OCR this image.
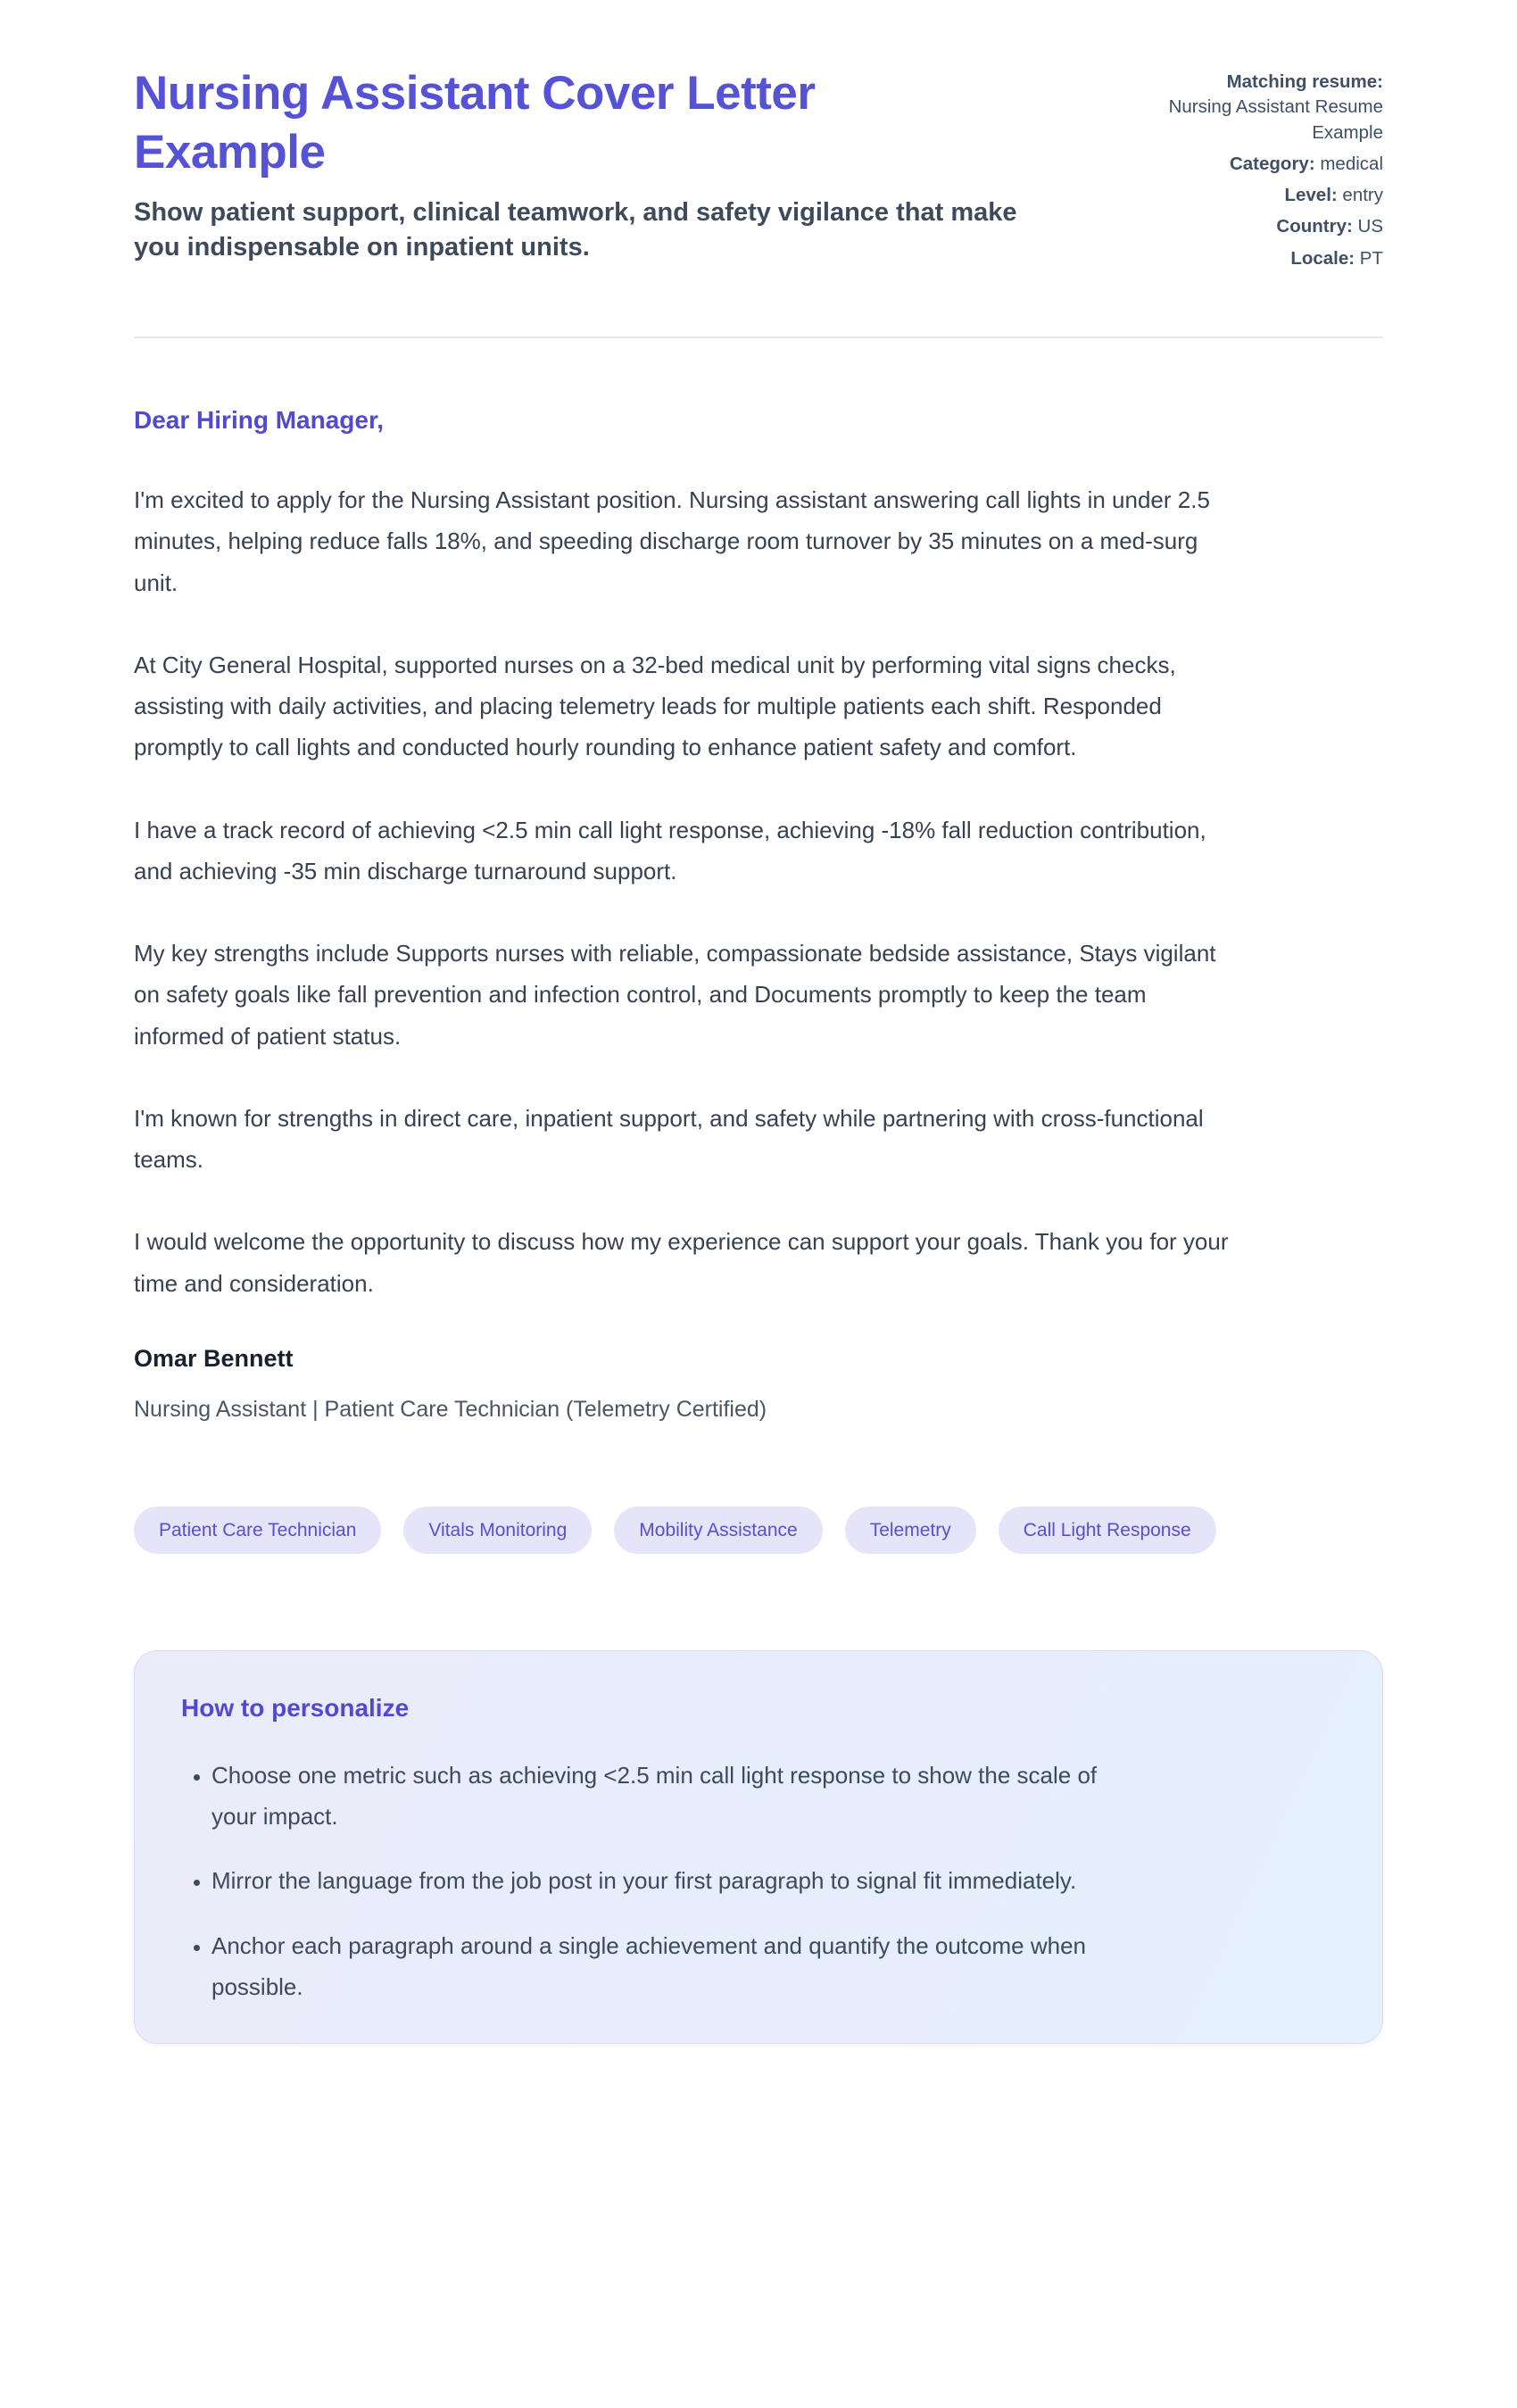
Nursing Assistant Cover Letter Example
Show patient support, clinical teamwork, and safety vigilance that make you indispensable on inpatient units.
Matching resume:
Nursing Assistant Resume Example
Category: medical
Level: entry
Country: US
Locale: PT

Dear Hiring Manager,

I'm excited to apply for the Nursing Assistant position. Nursing assistant answering call lights in under 2.5 minutes, helping reduce falls 18%, and speeding discharge room turnover by 35 minutes on a med-surg unit.

At City General Hospital, supported nurses on a 32-bed medical unit by performing vital signs checks, assisting with daily activities, and placing telemetry leads for multiple patients each shift. Responded promptly to call lights and conducted hourly rounding to enhance patient safety and comfort.

I have a track record of achieving <2.5 min call light response, achieving -18% fall reduction contribution, and achieving -35 min discharge turnaround support.

My key strengths include Supports nurses with reliable, compassionate bedside assistance, Stays vigilant on safety goals like fall prevention and infection control, and Documents promptly to keep the team informed of patient status.

I'm known for strengths in direct care, inpatient support, and safety while partnering with cross-functional teams.

I would welcome the opportunity to discuss how my experience can support your goals. Thank you for your time and consideration.

Omar Bennett

Nursing Assistant | Patient Care Technician (Telemetry Certified)

Patient Care Technician	Vitals Monitoring	Mobility Assistance	Telemetry	Call Light Response
How to personalize
• Choose one metric such as achieving <2.5 min call light response to show the scale of your impact.
• Mirror the language from the job post in your first paragraph to signal fit immediately.
• Anchor each paragraph around a single achievement and quantify the outcome when possible.
